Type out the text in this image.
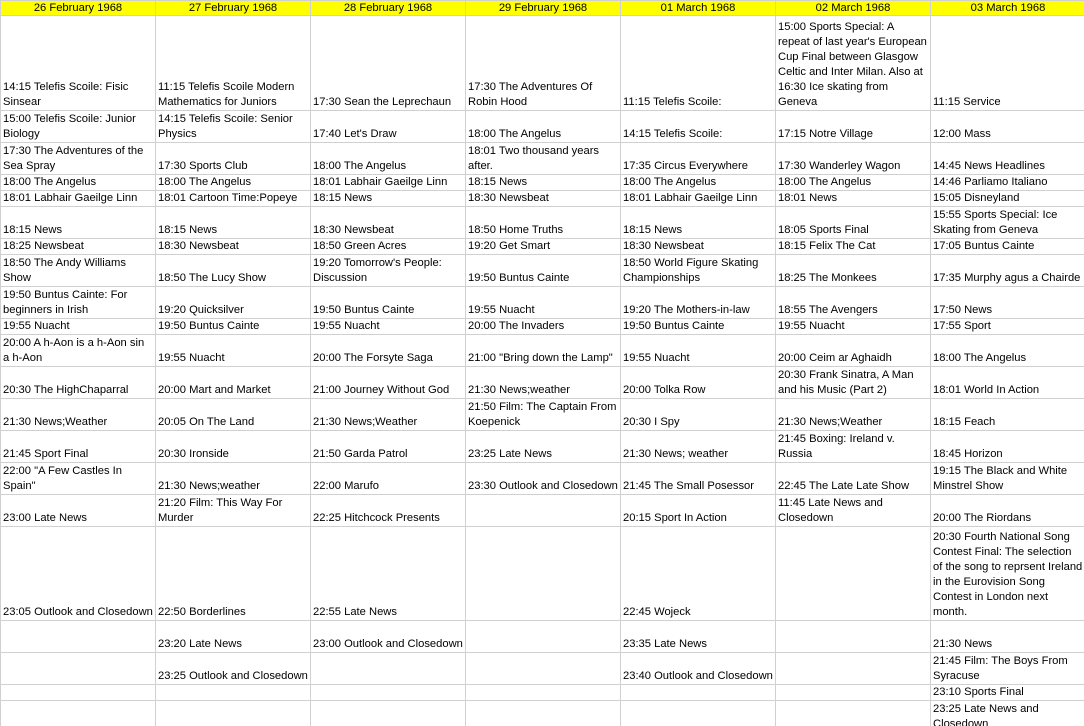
26 February 1968	27 February 1968	28 February 1968	29 February 1968	01 March 1968	02 March 1968	03 March 1968

14:15 Telefis Scoile: Fisic Sinsear	11:15 Telefis Scoile Modern Mathematics for Juniors	17:30 Sean the Leprechaun	17:30 The Adventures Of Robin Hood	11:15 Telefis Scoile:	15:00 Sports Special: A repeat of last year's European Cup Final between Glasgow Celtic and Inter Milan. Also at 16:30 Ice skating from Geneva	11:15 Service

15:00 Telefis Scoile: Junior Biology	14:15 Telefis Scoile: Senior Physics	17:40 Let's Draw	18:00 The Angelus	14:15 Telefis Scoile:	17:15 Notre Village	12:00 Mass

17:30 The Adventures of the Sea Spray	17:30 Sports Club	18:00 The Angelus	18:01 Two thousand years after.	17:35 Circus Everywhere	17:30 Wanderley Wagon	14:45 News Headlines

18:00 The Angelus	18:00 The Angelus	18:01 Labhair Gaeilge Linn	18:15 News	18:00 The Angelus	18:00 The Angelus	14:46 Parliamo Italiano

18:01 Labhair Gaeilge Linn	18:01 Cartoon Time:Popeye	18:15 News	18:30 Newsbeat	18:01 Labhair Gaeilge Linn	18:01 News	15:05 Disneyland

18:15 News	18:15 News	18:30 Newsbeat	18:50 Home Truths	18:15 News	18:05 Sports Final	15:55 Sports Special: Ice Skating from Geneva

18:25 Newsbeat	18:30 Newsbeat	18:50 Green Acres	19:20 Get Smart	18:30 Newsbeat	18:15 Felix The Cat	17:05 Buntus Cainte

18:50 The Andy Williams Show	18:50 The Lucy Show	19:20 Tomorrow's People: Discussion	19:50 Buntus Cainte	18:50 World Figure Skating Championships	18:25 The Monkees	17:35 Murphy agus a Chairde

19:50 Buntus Cainte: For beginners in Irish	19:20 Quicksilver	19:50 Buntus Cainte	19:55 Nuacht	19:20 The Mothers-in-law	18:55 The Avengers	17:50 News

19:55 Nuacht	19:50 Buntus Cainte	19:55 Nuacht	20:00 The Invaders	19:50 Buntus Cainte	19:55 Nuacht	17:55 Sport

20:00 A h-Aon is a h-Aon sin a h-Aon	19:55 Nuacht	20:00 The Forsyte Saga	21:00 "Bring down the Lamp"	19:55 Nuacht	20:00 Ceim ar Aghaidh	18:00 The Angelus

20:30 The HighChaparral	20:00 Mart and Market	21:00 Journey Without God	21:30 News;weather	20:00 Tolka Row	20:30 Frank Sinatra, A Man and his Music (Part 2)	18:01 World In Action

21:30 News;Weather	20:05 On The Land	21:30 News;Weather	21:50 Film: The Captain From Koepenick	20:30 I Spy	21:30 News;Weather	18:15 Feach

21:45 Sport Final	20:30 Ironside	21:50 Garda Patrol	23:25 Late News	21:30 News; weather	21:45 Boxing: Ireland v. Russia	18:45 Horizon

22:00 "A Few Castles In Spain"	21:30 News;weather	22:00 Marufo	23:30 Outlook and Closedown	21:45 The Small Posessor	22:45 The Late Late Show	19:15 The Black and White Minstrel Show

23:00 Late News	21:20 Film: This Way For Murder	22:25 Hitchcock Presents		20:15 Sport In Action	11:45 Late News and Closedown	20:00 The Riordans

23:05 Outlook and Closedown	22:50 Borderlines	22:55 Late News		22:45 Wojeck		20:30 Fourth National Song Contest Final: The selection of the song to reprsent Ireland in the Eurovision Song Contest in London next month.

	23:20 Late News	23:00 Outlook and Closedown		23:35 Late News		21:30 News

	23:25 Outlook and Closedown			23:40 Outlook and Closedown		21:45 Film: The Boys From Syracuse

						23:10 Sports Final

						23:25 Late News and Closedown
